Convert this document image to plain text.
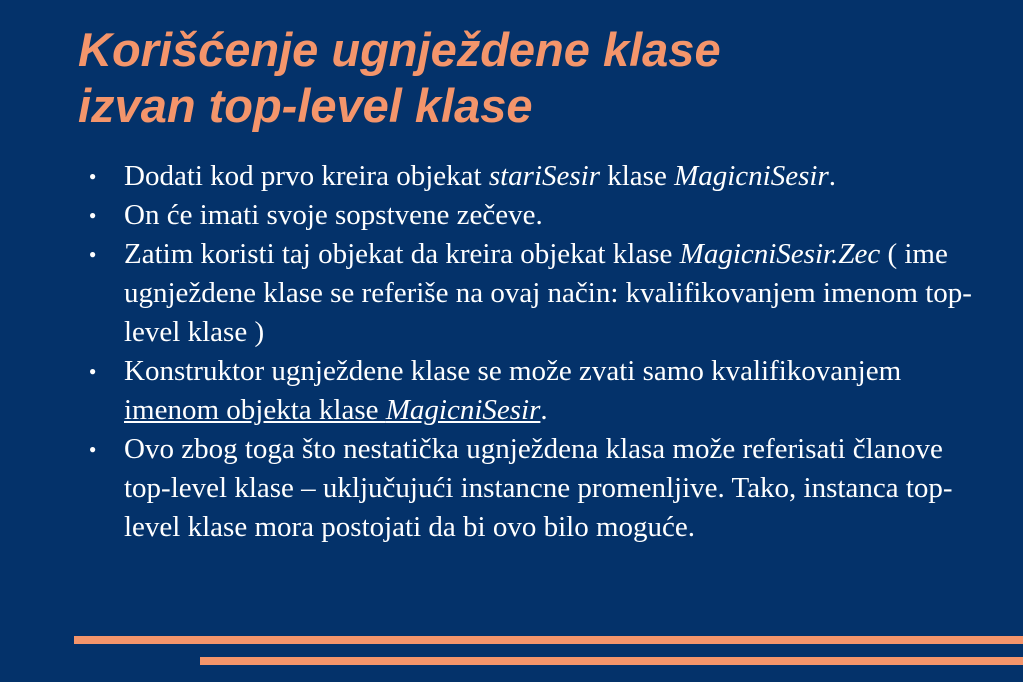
Korišćenje ugnježdene klase
izvan top-level klase
● Dodati kod prvo kreira objekat stariSesir klase MagicniSesir.
● On će imati svoje sopstvene zečeve.
● Zatim koristi taj objekat da kreira objekat klase MagicniSesir.Zec ( ime ugnježdene klase se referiše na ovaj način: kvalifikovanjem imenom top-level klase )
● Konstruktor ugnježdene klase se može zvati samo kvalifikovanjem imenom objekta klase MagicniSesir.
● Ovo zbog toga što nestatička ugnježdena klasa može referisati članove top-level klase – uključujući instancne promenljive. Tako, instanca top-level klase mora postojati da bi ovo bilo moguće.
